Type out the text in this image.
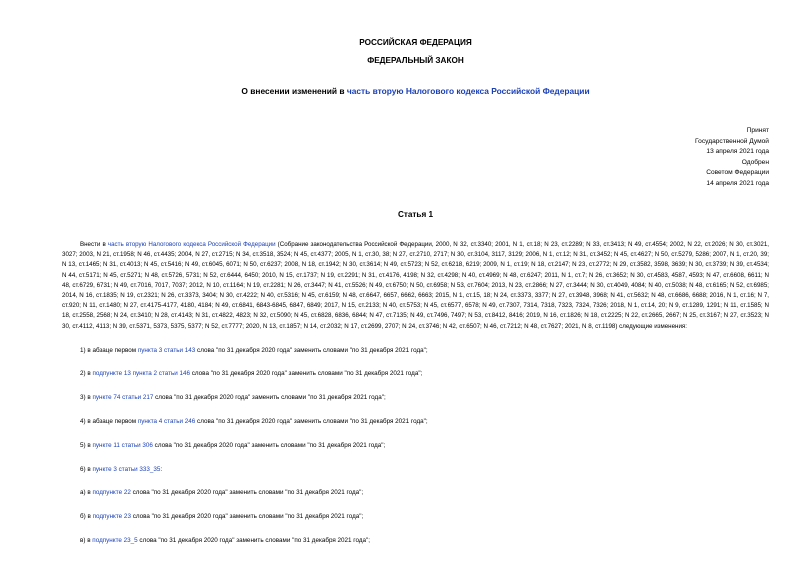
РОССИЙСКАЯ ФЕДЕРАЦИЯ
ФЕДЕРАЛЬНЫЙ ЗАКОН
О внесении изменений в часть вторую Налогового кодекса Российской Федерации
Принят
Государственной Думой
13 апреля 2021 года
Одобрен
Советом Федерации
14 апреля 2021 года
Статья 1
Внести в часть вторую Налогового кодекса Российской Федерации (Собрание законодательства Российской Федерации, 2000, N 32, ст.3340; 2001, N 1, ст.18; N 23, ст.2289; N 33, ст.3413; N 49, ст.4554; 2002, N 22, ст.2026; N 30, ст.3021, 3027; 2003, N 21, ст.1958; N 46, ст.4435; 2004, N 27, ст.2715; N 34, ст.3518, 3524; N 45, ст.4377; 2005, N 1, ст.30, 38; N 27, ст.2710, 2717; N 30, ст.3104, 3117, 3129; 2006, N 1, ст.12; N 31, ст.3452; N 45, ст.4627; N 50, ст.5279, 5286; 2007, N 1, ст.20, 39; N 13, ст.1465; N 31, ст.4013; N 45, ст.5416; N 49, ст.6045, 6071; N 50, ст.6237; 2008, N 18, ст.1942; N 30, ст.3614; N 49, ст.5723; N 52, ст.6218, 6219; 2009, N 1, ст.19; N 18, ст.2147; N 23, ст.2772; N 29, ст.3582, 3598, 3639; N 30, ст.3739; N 39, ст.4534; N 44, ст.5171; N 45, ст.5271; N 48, ст.5726, 5731; N 52, ст.6444, 6450; 2010, N 15, ст.1737; N 19, ст.2291; N 31, ст.4176, 4198; N 32, ст.4298; N 40, ст.4969; N 48, ст.6247; 2011, N 1, ст.7; N 26, ст.3652; N 30, ст.4583, 4587, 4593; N 47, ст.6608, 6611; N 48, ст.6729, 6731; N 49, ст.7016, 7017, 7037; 2012, N 10, ст.1164; N 19, ст.2281; N 26, ст.3447; N 41, ст.5526; N 49, ст.6750; N 50, ст.6958; N 53, ст.7604; 2013, N 23, ст.2866; N 27, ст.3444; N 30, ст.4049, 4084; N 40, ст.5038; N 48, ст.6165; N 52, ст.6985; 2014, N 16, ст.1835; N 19, ст.2321; N 26, ст.3373, 3404; N 30, ст.4222; N 40, ст.5316; N 45, ст.6159; N 48, ст.6647, 6657, 6662, 6663; 2015, N 1, ст.15, 18; N 24, ст.3373, 3377; N 27, ст.3948, 3968; N 41, ст.5632; N 48, ст.6686, 6688; 2016, N 1, ст.16; N 7, ст.920; N 11, ст.1480; N 27, ст.4175-4177, 4180, 4184; N 49, ст.6841, 6843-6845, 6847, 6849; 2017, N 15, ст.2133; N 40, ст.5753; N 45, ст.6577, 6578; N 49, ст.7307, 7314, 7318, 7323, 7324, 7326; 2018, N 1, ст.14, 20; N 9, ст.1289, 1291; N 11, ст.1585; N 18, ст.2558, 2568; N 24, ст.3410; N 28, ст.4143; N 31, ст.4822, 4823; N 32, ст.5090; N 45, ст.6828, 6836, 6844; N 47, ст.7135; N 49, ст.7496, 7497; N 53, ст.8412, 8416; 2019, N 16, ст.1826; N 18, ст.2225; N 22, ст.2665, 2667; N 25, ст.3167; N 27, ст.3523; N 30, ст.4112, 4113; N 39, ст.5371, 5373, 5375, 5377; N 52, ст.7777; 2020, N 13, ст.1857; N 14, ст.2032; N 17, ст.2699, 2707; N 24, ст.3746; N 42, ст.6507; N 46, ст.7212; N 48, ст.7627; 2021, N 8, ст.1198) следующие изменения:
1) в абзаце первом пункта 3 статьи 143 слова "по 31 декабря 2020 года" заменить словами "по 31 декабря 2021 года";
2) в подпункте 13 пункта 2 статьи 146 слова "по 31 декабря 2020 года" заменить словами "по 31 декабря 2021 года";
3) в пункте 74 статьи 217 слова "по 31 декабря 2020 года" заменить словами "по 31 декабря 2021 года";
4) в абзаце первом пункта 4 статьи 246 слова "по 31 декабря 2020 года" заменить словами "по 31 декабря 2021 года";
5) в пункте 11 статьи 306 слова "по 31 декабря 2020 года" заменить словами "по 31 декабря 2021 года";
6) в пункте 3 статьи 333_35:
а) в подпункте 22 слова "по 31 декабря 2020 года" заменить словами "по 31 декабря 2021 года";
б) в подпункте 23 слова "по 31 декабря 2020 года" заменить словами "по 31 декабря 2021 года";
в) в подпункте 23_5 слова "по 31 декабря 2020 года" заменить словами "по 31 декабря 2021 года";
